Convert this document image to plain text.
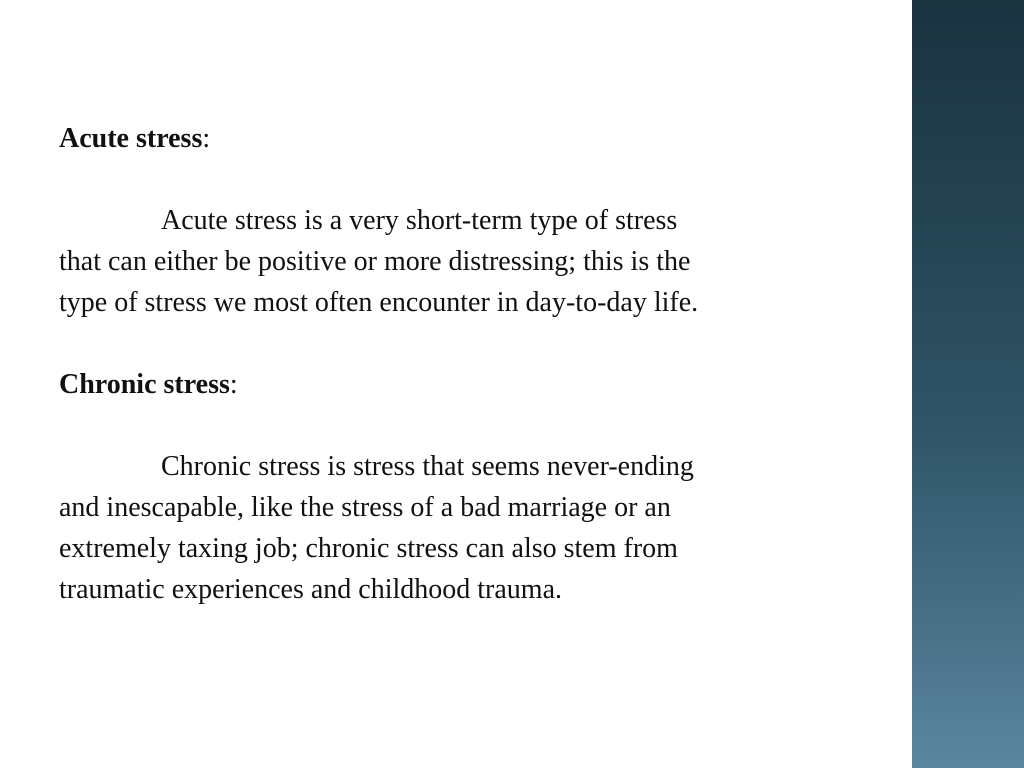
Acute stress:

Acute stress is a very short-term type of stress
that can either be positive or more distressing; this is the
type of stress we most often encounter in day-to-day life.

Chronic stress:

Chronic stress is stress that seems never-ending
and inescapable, like the stress of a bad marriage or an
extremely taxing job; chronic stress can also stem from
traumatic experiences and childhood trauma.
